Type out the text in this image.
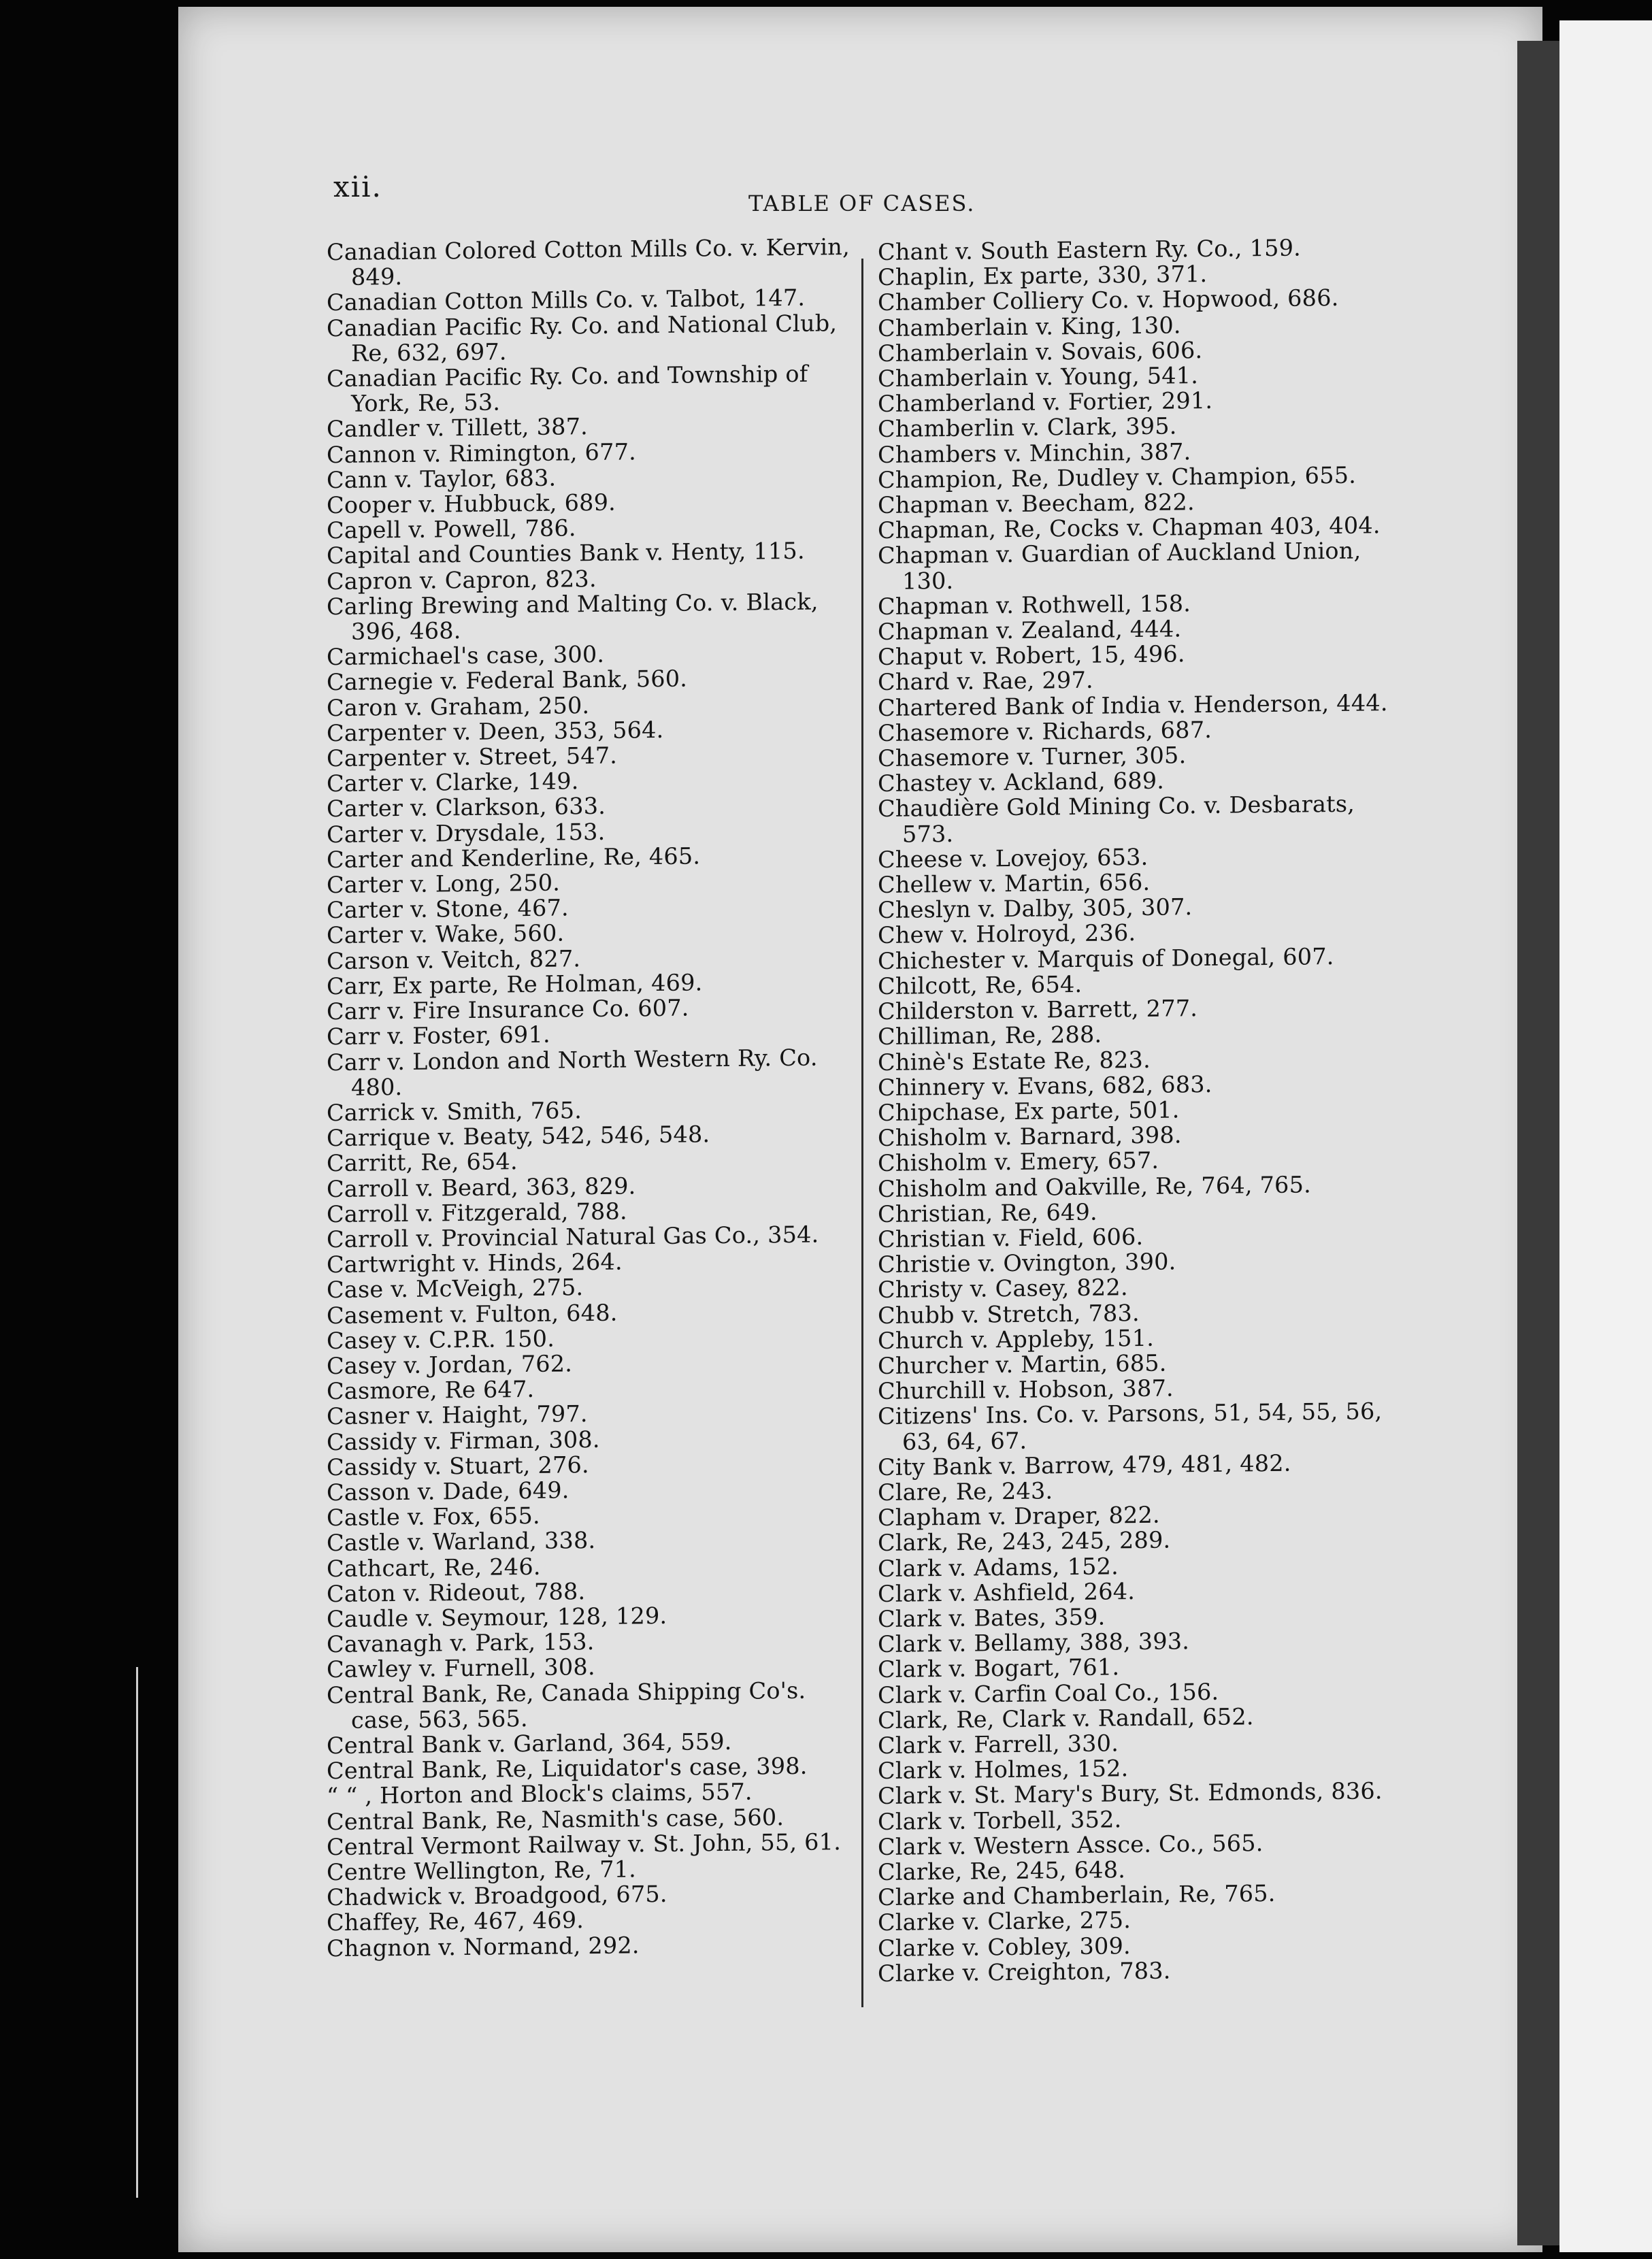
xii.	TABLE OF CASES.
Canadian Colored Cotton Mills Co. v. Kervin, 849.
Canadian Cotton Mills Co. v. Talbot, 147.
Canadian Pacific Ry. Co. and National Club, Re, 632, 697.
Canadian Pacific Ry. Co. and Township of York, Re, 53.
Candler v. Tillett, 387.
Cannon v. Rimington, 677.
Cann v. Taylor, 683.
Cooper v. Hubbuck, 689.
Capell v. Powell, 786.
Capital and Counties Bank v. Henty, 115.
Capron v. Capron, 823.
Carling Brewing and Malting Co. v. Black, 396, 468.
Carmichael's case, 300.
Carnegie v. Federal Bank, 560.
Caron v. Graham, 250.
Carpenter v. Deen, 353, 564.
Carpenter v. Street, 547.
Carter v. Clarke, 149.
Carter v. Clarkson, 633.
Carter v. Drysdale, 153.
Carter and Kenderline, Re, 465.
Carter v. Long, 250.
Carter v. Stone, 467.
Carter v. Wake, 560.
Carson v. Veitch, 827.
Carr, Ex parte, Re Holman, 469.
Carr v. Fire Insurance Co. 607.
Carr v. Foster, 691.
Carr v. London and North Western Ry. Co. 480.
Carrick v. Smith, 765.
Carrique v. Beaty, 542, 546, 548.
Carritt, Re, 654.
Carroll v. Beard, 363, 829.
Carroll v. Fitzgerald, 788.
Carroll v. Provincial Natural Gas Co., 354.
Cartwright v. Hinds, 264.
Case v. McVeigh, 275.
Casement v. Fulton, 648.
Casey v. C.P.R. 150.
Casey v. Jordan, 762.
Casmore, Re 647.
Casner v. Haight, 797.
Cassidy v. Firman, 308.
Cassidy v. Stuart, 276.
Casson v. Dade, 649.
Castle v. Fox, 655.
Castle v. Warland, 338.
Cathcart, Re, 246.
Caton v. Rideout, 788.
Caudle v. Seymour, 128, 129.
Cavanagh v. Park, 153.
Cawley v. Furnell, 308.
Central Bank, Re, Canada Shipping Co's. case, 563, 565.
Central Bank v. Garland, 364, 559.
Central Bank, Re, Liquidator's case, 398.
“ “ , Horton and Block's claims, 557.
Central Bank, Re, Nasmith's case, 560.
Central Vermont Railway v. St. John, 55, 61.
Centre Wellington, Re, 71.
Chadwick v. Broadgood, 675.
Chaffey, Re, 467, 469.
Chagnon v. Normand, 292.
Chant v. South Eastern Ry. Co., 159.
Chaplin, Ex parte, 330, 371.
Chamber Colliery Co. v. Hopwood, 686.
Chamberlain v. King, 130.
Chamberlain v. Sovais, 606.
Chamberlain v. Young, 541.
Chamberland v. Fortier, 291.
Chamberlin v. Clark, 395.
Chambers v. Minchin, 387.
Champion, Re, Dudley v. Champion, 655.
Chapman v. Beecham, 822.
Chapman, Re, Cocks v. Chapman 403, 404.
Chapman v. Guardian of Auckland Union, 130.
Chapman v. Rothwell, 158.
Chapman v. Zealand, 444.
Chaput v. Robert, 15, 496.
Chard v. Rae, 297.
Chartered Bank of India v. Henderson, 444.
Chasemore v. Richards, 687.
Chasemore v. Turner, 305.
Chastey v. Ackland, 689.
Chaudière Gold Mining Co. v. Desbarats, 573.
Cheese v. Lovejoy, 653.
Chellew v. Martin, 656.
Cheslyn v. Dalby, 305, 307.
Chew v. Holroyd, 236.
Chichester v. Marquis of Donegal, 607.
Chilcott, Re, 654.
Childerston v. Barrett, 277.
Chilliman, Re, 288.
Chinè's Estate Re, 823.
Chinnery v. Evans, 682, 683.
Chipchase, Ex parte, 501.
Chisholm v. Barnard, 398.
Chisholm v. Emery, 657.
Chisholm and Oakville, Re, 764, 765.
Christian, Re, 649.
Christian v. Field, 606.
Christie v. Ovington, 390.
Christy v. Casey, 822.
Chubb v. Stretch, 783.
Church v. Appleby, 151.
Churcher v. Martin, 685.
Churchill v. Hobson, 387.
Citizens' Ins. Co. v. Parsons, 51, 54, 55, 56, 63, 64, 67.
City Bank v. Barrow, 479, 481, 482.
Clare, Re, 243.
Clapham v. Draper, 822.
Clark, Re, 243, 245, 289.
Clark v. Adams, 152.
Clark v. Ashfield, 264.
Clark v. Bates, 359.
Clark v. Bellamy, 388, 393.
Clark v. Bogart, 761.
Clark v. Carfin Coal Co., 156.
Clark, Re, Clark v. Randall, 652.
Clark v. Farrell, 330.
Clark v. Holmes, 152.
Clark v. St. Mary's Bury, St. Edmonds, 836.
Clark v. Torbell, 352.
Clark v. Western Assce. Co., 565.
Clarke, Re, 245, 648.
Clarke and Chamberlain, Re, 765.
Clarke v. Clarke, 275.
Clarke v. Cobley, 309.
Clarke v. Creighton, 783.
